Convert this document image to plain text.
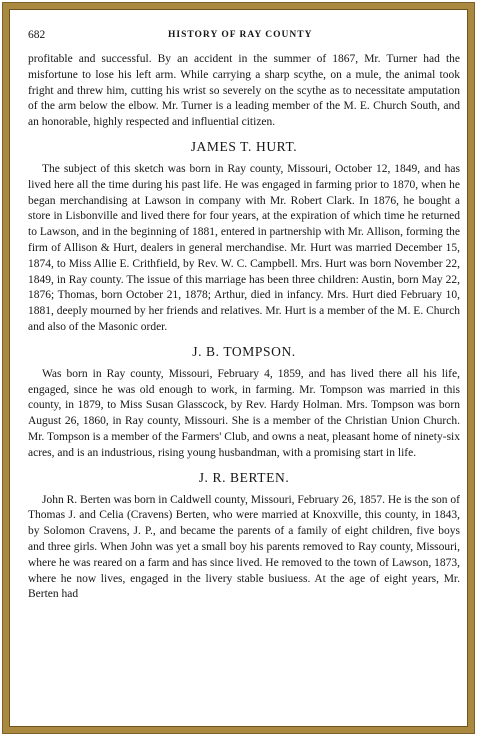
682	HISTORY OF RAY COUNTY

profitable and successful. By an accident in the summer of 1867, Mr. Turner had the misfortune to lose his left arm. While carrying a sharp scythe, on a mule, the animal took fright and threw him, cutting his wrist so severely on the scythe as to necessitate amputation of the arm below the elbow. Mr. Turner is a leading member of the M. E. Church South, and an honorable, highly respected and influential citizen.

JAMES T. HURT.

The subject of this sketch was born in Ray county, Missouri, October 12, 1849, and has lived here all the time during his past life. He was engaged in farming prior to 1870, when he began merchandising at Lawson in company with Mr. Robert Clark. In 1876, he bought a store in Lisbonville and lived there for four years, at the expiration of which time he returned to Lawson, and in the beginning of 1881, entered in partnership with Mr. Allison, forming the firm of Allison & Hurt, dealers in general merchandise. Mr. Hurt was married December 15, 1874, to Miss Allie E. Crithfield, by Rev. W. C. Campbell. Mrs. Hurt was born November 22, 1849, in Ray county. The issue of this marriage has been three children: Austin, born May 22, 1876; Thomas, born October 21, 1878; Arthur, died in infancy. Mrs. Hurt died February 10, 1881, deeply mourned by her friends and relatives. Mr. Hurt is a member of the M. E. Church and also of the Masonic order.

J. B. TOMPSON.

Was born in Ray county, Missouri, February 4, 1859, and has lived there all his life, engaged, since he was old enough to work, in farming. Mr. Tompson was married in this county, in 1879, to Miss Susan Glasscock, by Rev. Hardy Holman. Mrs. Tompson was born August 26, 1860, in Ray county, Missouri. She is a member of the Christian Union Church. Mr. Tompson is a member of the Farmers' Club, and owns a neat, pleasant home of ninety-six acres, and is an industrious, rising young husbandman, with a promising start in life.

J. R. BERTEN.

John R. Berten was born in Caldwell county, Missouri, February 26, 1857. He is the son of Thomas J. and Celia (Cravens) Berten, who were married at Knoxville, this county, in 1843, by Solomon Cravens, J. P., and became the parents of a family of eight children, five boys and three girls. When John was yet a small boy his parents removed to Ray county, Missouri, where he was reared on a farm and has since lived. He removed to the town of Lawson, 1873, where he now lives, engaged in the livery stable busiuess. At the age of eight years, Mr. Berten had
